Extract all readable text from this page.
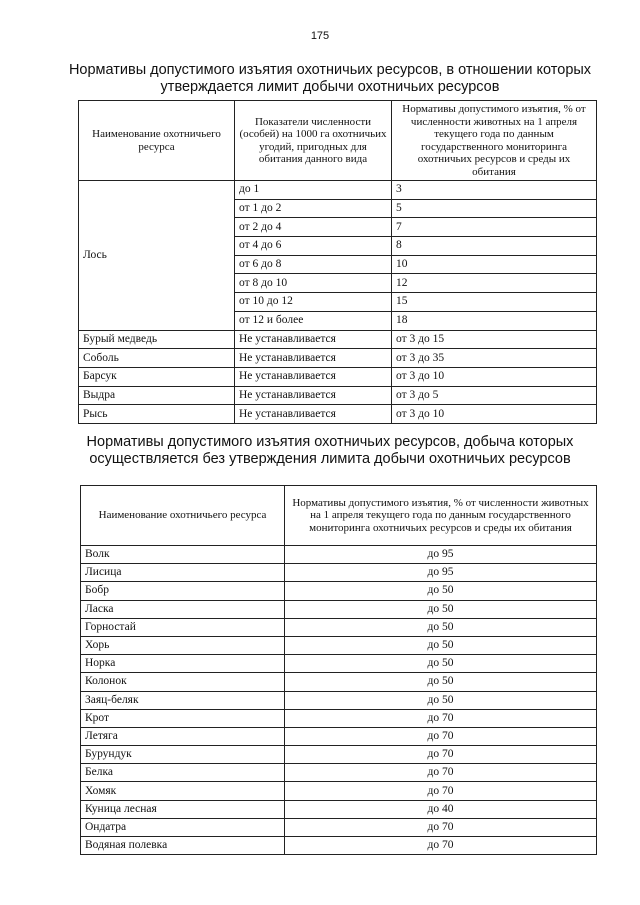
175
Нормативы допустимого изъятия охотничьих ресурсов, в отношении которых утверждается лимит добычи охотничьих ресурсов
Наименование охотничьего ресурса	Показатели численности (особей) на 1000 га охотничьих угодий, пригодных для обитания данного вида	Нормативы допустимого изъятия, % от численности животных на 1 апреля текущего года по данным государственного мониторинга охотничьих ресурсов и среды их обитания
Лось	до 1	3
	от 1 до 2	5
	от 2 до 4	7
	от 4 до 6	8
	от 6 до 8	10
	от 8 до 10	12
	от 10 до 12	15
	от 12 и более	18
Бурый медведь	Не устанавливается	от 3 до 15
Соболь	Не устанавливается	от 3 до 35
Барсук	Не устанавливается	от 3 до 10
Выдра	Не устанавливается	от 3 до 5
Рысь	Не устанавливается	от 3 до 10
Нормативы допустимого изъятия охотничьих ресурсов, добыча которых осуществляется без утверждения лимита добычи охотничьих ресурсов
Наименование охотничьего ресурса	Нормативы допустимого изъятия, % от численности животных на 1 апреля текущего года по данным государственного мониторинга охотничьих ресурсов и среды их обитания
Волк	до 95
Лисица	до 95
Бобр	до 50
Ласка	до 50
Горностай	до 50
Хорь	до 50
Норка	до 50
Колонок	до 50
Заяц-беляк	до 50
Крот	до 70
Летяга	до 70
Бурундук	до 70
Белка	до 70
Хомяк	до 70
Куница лесная	до 40
Ондатра	до 70
Водяная полевка	до 70
